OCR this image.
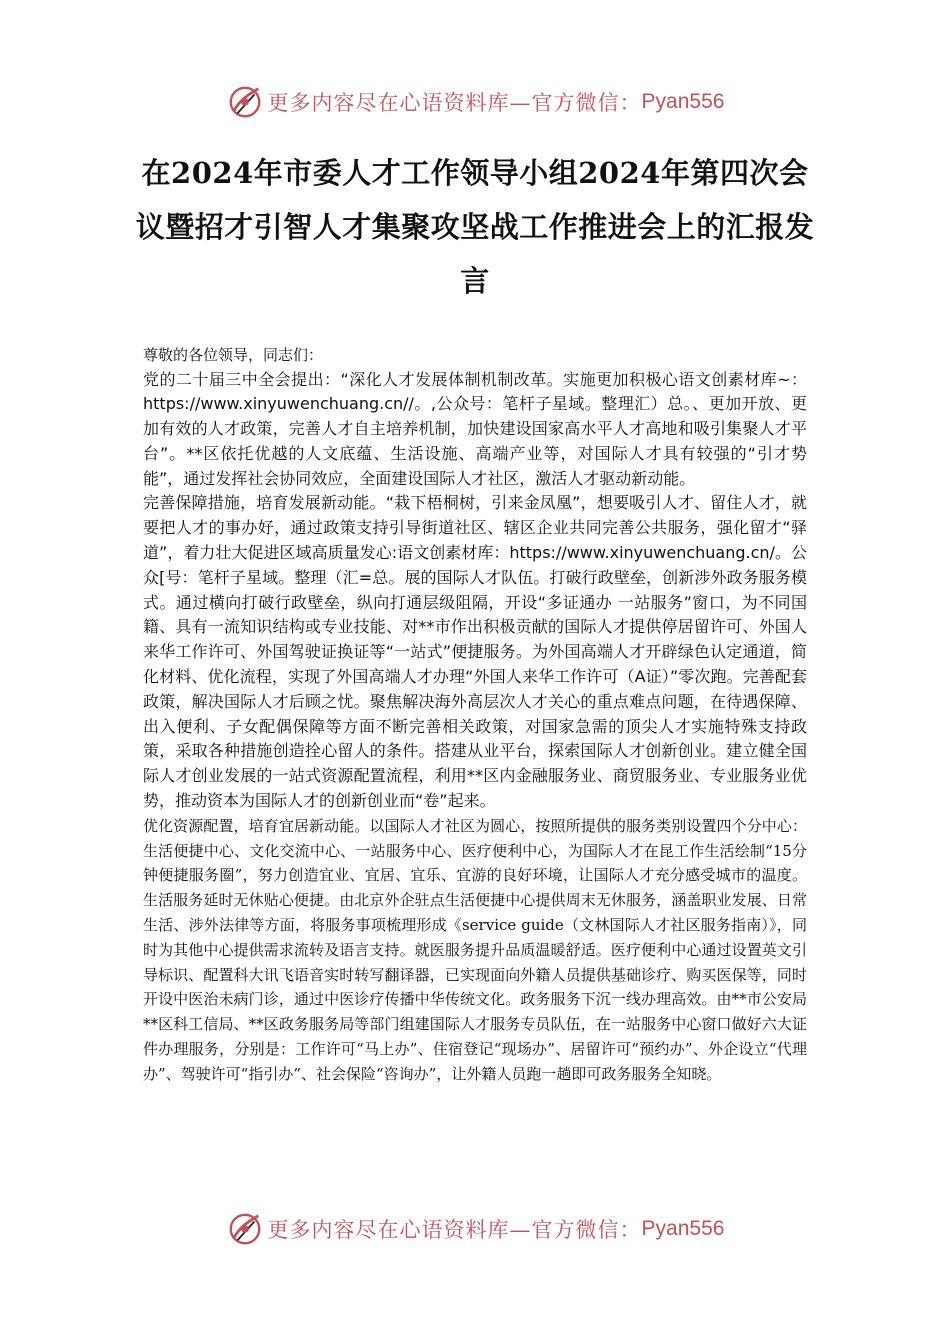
更多内容尽在心语资料库—官方微信： Pyan556
在2024年市委人才工作领导小组2024年第四次会议暨招才引智人才集聚攻坚战工作推进会上的汇报发言

尊敬的各位领导，同志们：

党的二十届三中全会提出：“深化人才发展体制机制改革。实施更加积极心语文创素材库~：https://www.xinyuwenchuang.cn//。,公众号：笔杆子星域。整理汇）总。、更加开放、更加有效的人才政策，完善人才自主培养机制，加快建设国家高水平人才高地和吸引集聚人才平台”。**区依托优越的人文底蕴、生活设施、高端产业等，对国际人才具有较强的“引才势能”，通过发挥社会协同效应，全面建设国际人才社区，激活人才驱动新动能。

完善保障措施，培育发展新动能。“栽下梧桐树，引来金凤凰”，想要吸引人才、留住人才，就要把人才的事办好，通过政策支持引导街道社区、辖区企业共同完善公共服务，强化留才“驿道”，着力壮大促进区域高质量发心:语文创素材库：https://www.xinyuwenchuang.cn/。公众[号：笔杆子星域。整理（汇=总。展的国际人才队伍。打破行政壁垒，创新涉外政务服务模式。通过横向打破行政壁垒，纵向打通层级阻隔，开设“多证通办 一站服务”窗口，为不同国籍、具有一流知识结构或专业技能、对**市作出积极贡献的国际人才提供停居留许可、外国人来华工作许可、外国驾驶证换证等“一站式”便捷服务。为外国高端人才开辟绿色认定通道，简化材料、优化流程，实现了外国高端人才办理“外国人来华工作许可（A证）”零次跑。完善配套政策，解决国际人才后顾之忧。聚焦解决海外高层次人才关心的重点难点问题，在待遇保障、出入便利、子女配偶保障等方面不断完善相关政策，对国家急需的顶尖人才实施特殊支持政策，采取各种措施创造拴心留人的条件。搭建从业平台，探索国际人才创新创业。建立健全国际人才创业发展的一站式资源配置流程，利用**区内金融服务业、商贸服务业、专业服务业优势，推动资本为国际人才的创新创业而“卷”起来。

优化资源配置，培育宜居新动能。以国际人才社区为圆心，按照所提供的服务类别设置四个分中心：生活便捷中心、文化交流中心、一站服务中心、医疗便利中心，为国际人才在昆工作生活绘制“15分钟便捷服务圈”，努力创造宜业、宜居、宜乐、宜游的良好环境，让国际人才充分感受城市的温度。生活服务延时无休贴心便捷。由北京外企驻点生活便捷中心提供周末无休服务，涵盖职业发展、日常生活、涉外法律等方面，将服务事项梳理形成《service guide（文林国际人才社区服务指南）》，同时为其他中心提供需求流转及语言支持。就医服务提升品质温暖舒适。医疗便利中心通过设置英文引导标识、配置科大讯飞语音实时转写翻译器，已实现面向外籍人员提供基础诊疗、购买医保等，同时开设中医治未病门诊，通过中医诊疗传播中华传统文化。政务服务下沉一线办理高效。由**市公安局**区科工信局、**区政务服务局等部门组建国际人才服务专员队伍，在一站服务中心窗口做好六大证件办理服务，分别是：工作许可“马上办”、住宿登记“现场办”、居留许可“预约办”、外企设立“代理办”、驾驶许可“指引办”、社会保险“咨询办”，让外籍人员跑一趟即可政务服务全知晓。

更多内容尽在心语资料库—官方微信： Pyan556
